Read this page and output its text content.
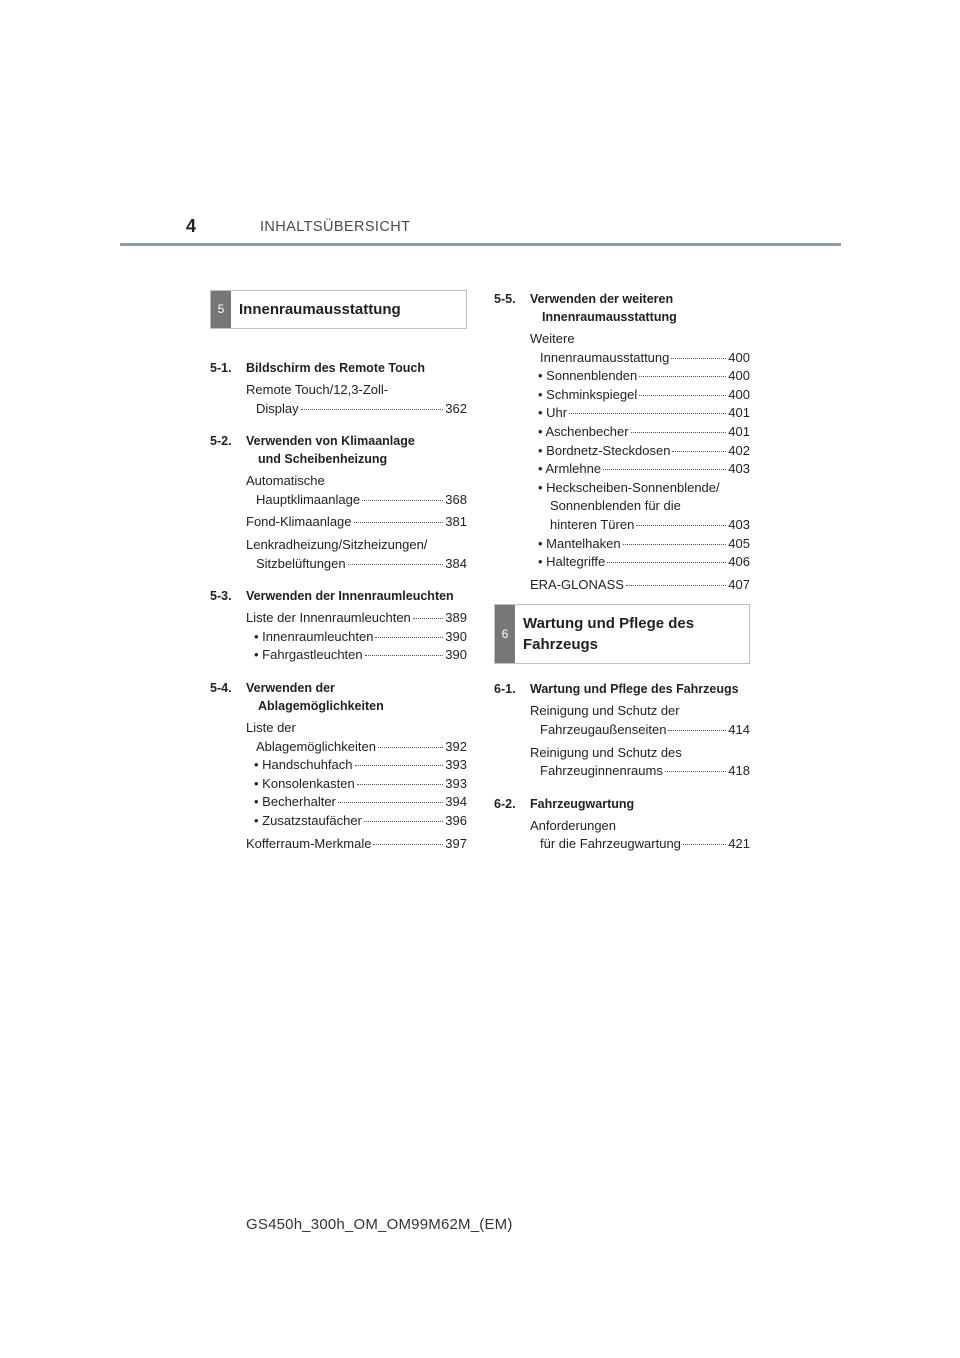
4	INHALTSÜBERSICHT
5 Innenraumausstattung
5-1.	Bildschirm des Remote Touch
Remote Touch/12,3-Zoll-
Display	362
5-2.	Verwenden von Klimaanlage
und Scheibenheizung
Automatische
Hauptklimaanlage	368
Fond-Klimaanlage	381
Lenkradheizung/Sitzheizungen/
Sitzbelüftungen	384
5-3.	Verwenden der Innenraumleuchten
Liste der Innenraumleuchten	389
• Innenraumleuchten	390
• Fahrgastleuchten	390
5-4.	Verwenden der
Ablagemöglichkeiten
Liste der
Ablagemöglichkeiten	392
• Handschuhfach	393
• Konsolenkasten	393
• Becherhalter	394
• Zusatzstaufächer	396
Kofferraum-Merkmale	397
5-5.	Verwenden der weiteren
Innenraumausstattung
Weitere
Innenraumausstattung	400
• Sonnenblenden	400
• Schminkspiegel	400
• Uhr	401
• Aschenbecher	401
• Bordnetz-Steckdosen	402
• Armlehne	403
• Heckscheiben-Sonnenblende/
Sonnenblenden für die
hinteren Türen	403
• Mantelhaken	405
• Haltegriffe	406
ERA-GLONASS	407
6
Wartung und Pflege des
Fahrzeugs
6-1.	Wartung und Pflege des Fahrzeugs
Reinigung und Schutz der
Fahrzeugaußenseiten	414
Reinigung und Schutz des
Fahrzeuginnenraums	418
6-2.	Fahrzeugwartung
Anforderungen
für die Fahrzeugwartung	421
GS450h_300h_OM_OM99M62M_(EM)
